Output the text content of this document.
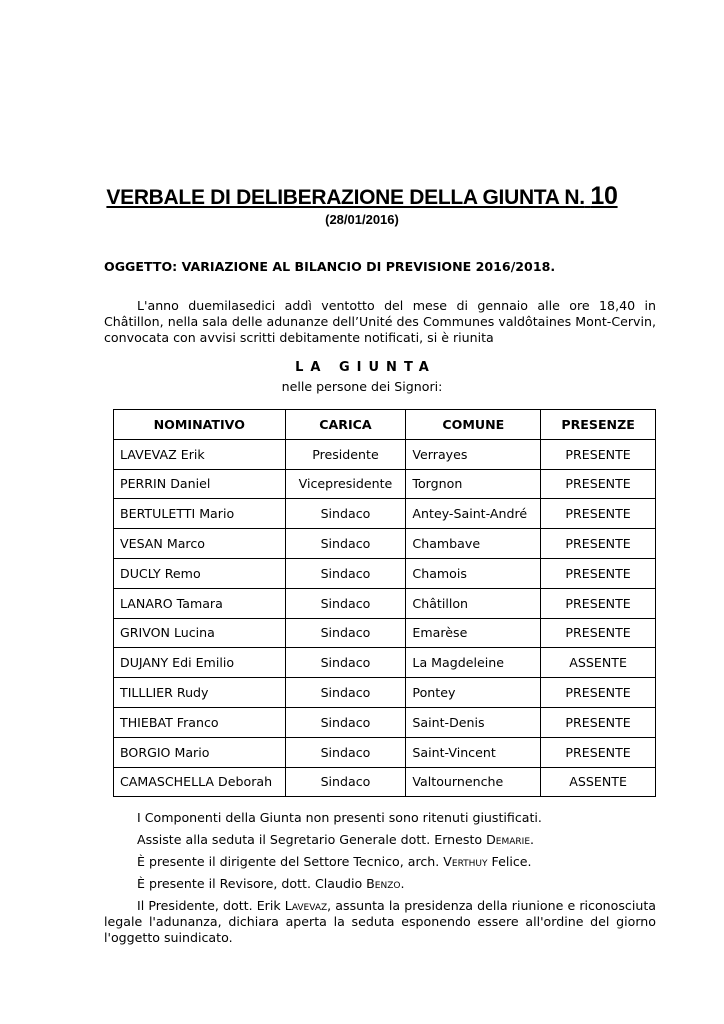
VERBALE DI DELIBERAZIONE DELLA GIUNTA N. 10
(28/01/2016)
OGGETTO: VARIAZIONE AL BILANCIO DI PREVISIONE 2016/2018.

L'anno duemilasedici addì ventotto del mese di gennaio alle ore 18,40 in Châtillon, nella sala delle adunanze dell’Unité des Communes valdôtaines Mont-Cervin, convocata con avvisi scritti debitamente notificati, si è riunita

LA GIUNTA
nelle persone dei Signori:
NOMINATIVO	CARICA	COMUNE	PRESENZE
LAVEVAZ Erik	Presidente	Verrayes	PRESENTE
PERRIN Daniel	Vicepresidente	Torgnon	PRESENTE
BERTULETTI Mario	Sindaco	Antey-Saint-André	PRESENTE
VESAN Marco	Sindaco	Chambave	PRESENTE
DUCLY Remo	Sindaco	Chamois	PRESENTE
LANARO Tamara	Sindaco	Châtillon	PRESENTE
GRIVON Lucina	Sindaco	Emarèse	PRESENTE
DUJANY Edi Emilio	Sindaco	La Magdeleine	ASSENTE
TILLLIER Rudy	Sindaco	Pontey	PRESENTE
THIEBAT Franco	Sindaco	Saint-Denis	PRESENTE
BORGIO Mario	Sindaco	Saint-Vincent	PRESENTE
CAMASCHELLA Deborah	Sindaco	Valtournenche	ASSENTE

I Componenti della Giunta non presenti sono ritenuti giustificati.

Assiste alla seduta il Segretario Generale dott. Ernesto Demarie.

È presente il dirigente del Settore Tecnico, arch. Verthuy Felice.

È presente il Revisore, dott. Claudio Benzo.

Il Presidente, dott. Erik Lavevaz, assunta la presidenza della riunione e riconosciuta legale l'adunanza, dichiara aperta la seduta esponendo essere all'ordine del giorno l'oggetto suindicato.
